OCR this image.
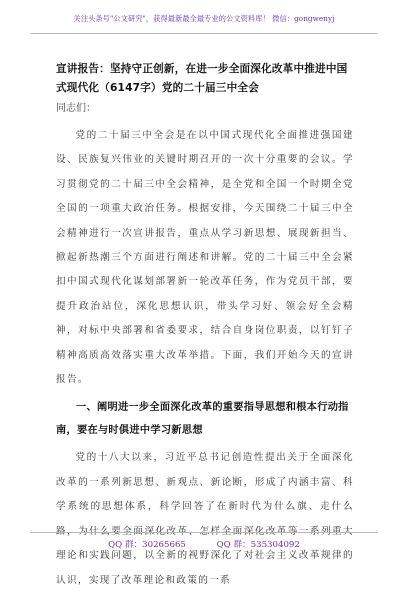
关注头条号"公文研究"，获得最新最全最专业的公文资料库！ 微信：gongwenyj
宣讲报告：坚持守正创新，在进一步全面深化改革中推进中国式现代化（6147字）党的二十届三中全会
同志们：
党的二十届三中全会是在以中国式现代化全面推进强国建设、民族复兴伟业的关键时期召开的一次十分重要的会议。学习贯彻党的二十届三中全会精神，是全党和全国一个时期全党全国的一项重大政治任务。根据安排，今天围绕二十届三中全会精神进行一次宣讲报告，重点从学习新思想、展现新担当、掀起新热潮三个方面进行阐述和讲解。党的二十届三中全会紧扣中国式现代化谋划部署新一轮改革任务，作为党员干部，要提升政治站位，深化思想认识，带头学习好、领会好全会精神，对标中央部署和省委要求，结合自身岗位职责，以钉钉子精神高质高效落实重大改革举措。下面，我们开始今天的宣讲报告。
一、阐明进一步全面深化改革的重要指导思想和根本行动指南，要在与时俱进中学习新思想
党的十八大以来，习近平总书记创造性提出关于全面深化改革的一系列新思想、新观点、新论断，形成了内涵丰富、科学系统的思想体系，科学回答了在新时代为什么旗、走什么 理论和实践问题，以全新的视野深化了对社会主义改革规律的认识，实现了改革理论和政策的一系
QQ 群：30265665	QQ 群：535304092
